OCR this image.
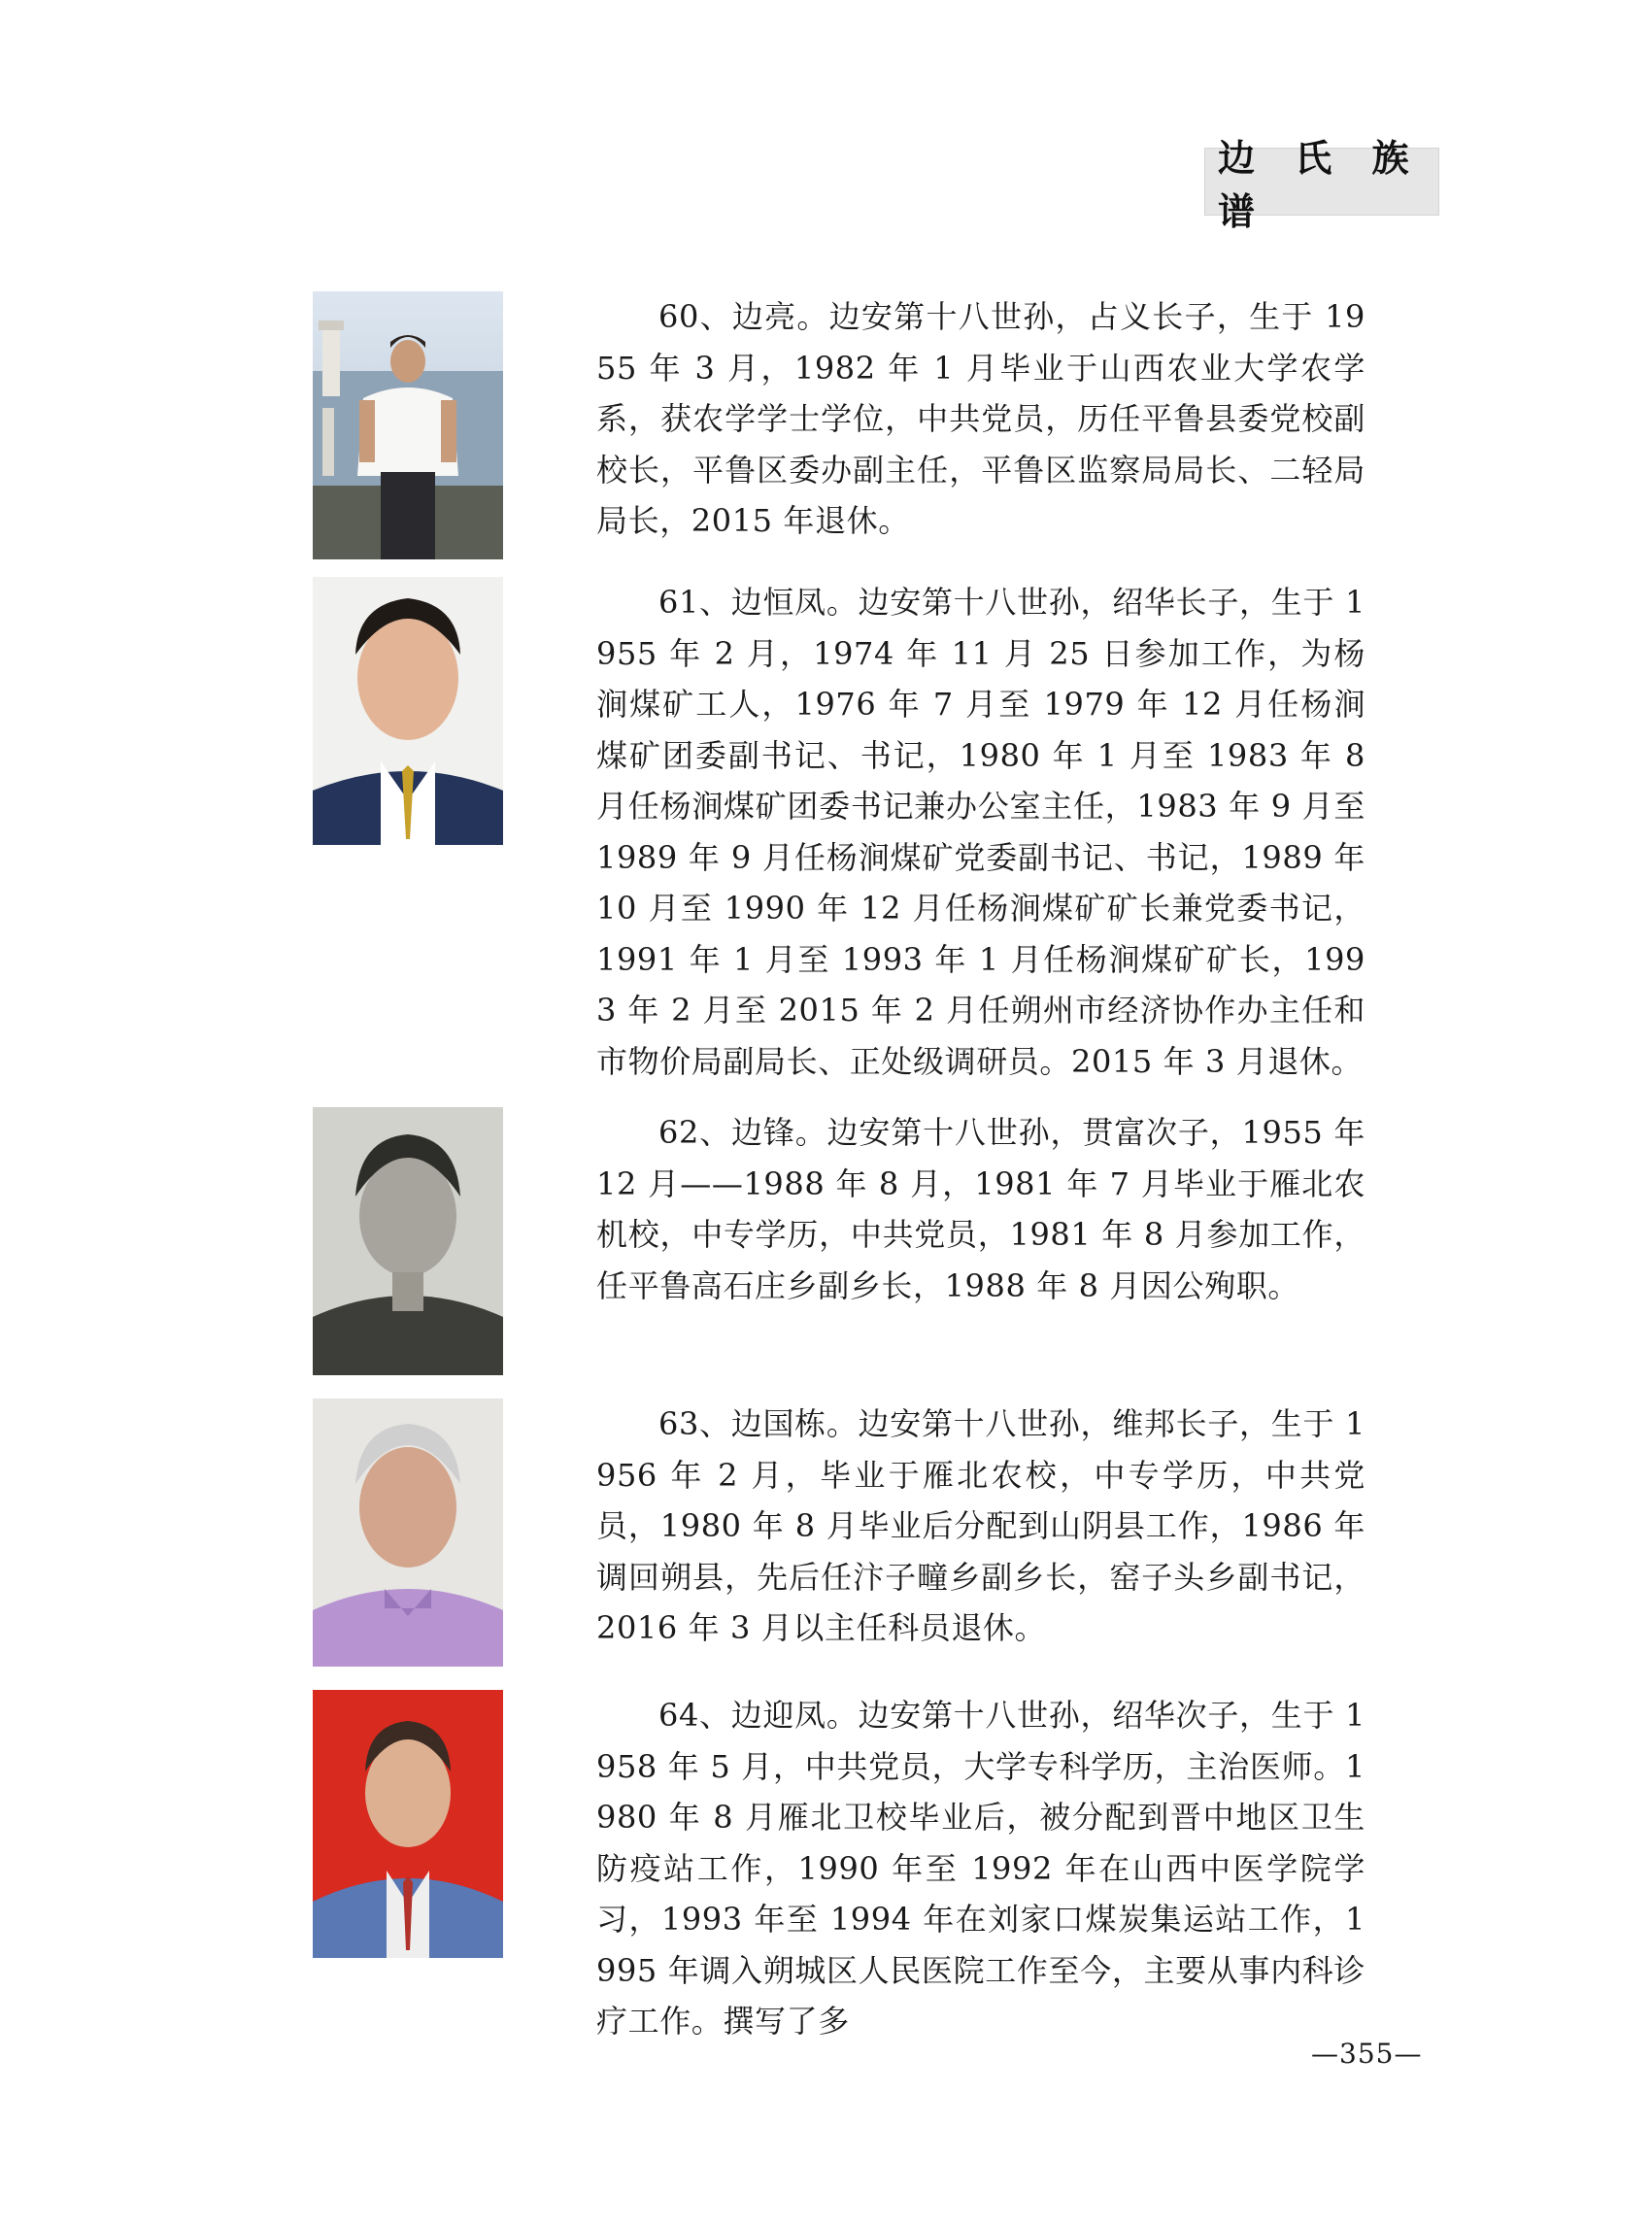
边 氏 族 谱
60、边亮。边安第十八世孙，占义长子，生于 1955 年 3 月，1982 年 1 月毕业于山西农业大学农学系，获农学学士学位，中共党员，历任平鲁县委党校副校长，平鲁区委办副主任，平鲁区监察局局长、二轻局局长，2015 年退休。
61、边恒凤。边安第十八世孙，绍华长子，生于 1955 年 2 月，1974 年 11 月 25 日参加工作，为杨涧煤矿工人，1976 年 7 月至 1979 年 12 月任杨涧煤矿团委副书记、书记，1980 年 1 月至 1983 年 8 月任杨涧煤矿团委书记兼办公室主任，1983 年 9 月至 1989 年 9 月任杨涧煤矿党委副书记、书记，1989 年 10 月至 1990 年 12 月任杨涧煤矿矿长兼党委书记，1991 年 1 月至 1993 年 1 月任杨涧煤矿矿长，1993 年 2 月至 2015 年 2 月任朔州市经济协作办主任和市物价局副局长、正处级调研员。2015 年 3 月退休。
62、边锋。边安第十八世孙，贯富次子，1955 年 12 月——1988 年 8 月，1981 年 7 月毕业于雁北农机校，中专学历，中共党员，1981 年 8 月参加工作，任平鲁高石庄乡副乡长，1988 年 8 月因公殉职。
63、边国栋。边安第十八世孙，维邦长子，生于 1956 年 2 月，毕业于雁北农校，中专学历，中共党员，1980 年 8 月毕业后分配到山阴县工作，1986 年调回朔县，先后任汴子疃乡副乡长，窑子头乡副书记，2016 年 3 月以主任科员退休。
64、边迎凤。边安第十八世孙，绍华次子，生于 1958 年 5 月，中共党员，大学专科学历，主治医师。1980 年 8 月雁北卫校毕业后，被分配到晋中地区卫生防疫站工作，1990 年至 1992 年在山西中医学院学习，1993 年至 1994 年在刘家口煤炭集运站工作，1995 年调入朔城区人民医院工作至今，主要从事内科诊疗工作。撰写了多
—355—
